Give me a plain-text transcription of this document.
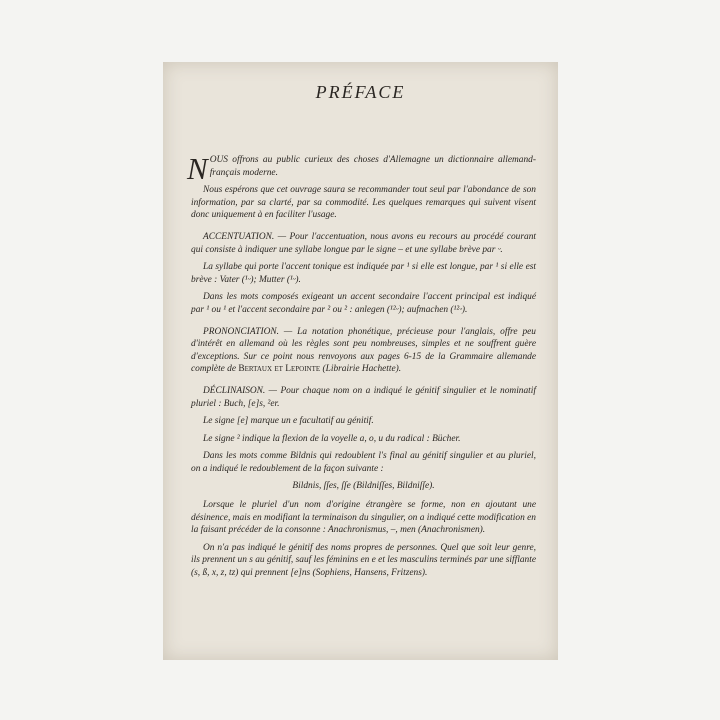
PRÉFACE

NOUS offrons au public curieux des choses d'Allemagne un dictionnaire allemand-français moderne.

Nous espérons que cet ouvrage saura se recommander tout seul par l'abondance de son information, par sa clarté, par sa commodité. Les quelques remarques qui suivent visent donc uniquement à en faciliter l'usage.

ACCENTUATION. — Pour l'accentuation, nous avons eu recours au procédé courant qui consiste à indiquer une syllabe longue par le signe – et une syllabe brève par ᵕ.

La syllabe qui porte l'accent tonique est indiquée par ¹ si elle est longue, par ¹ si elle est brève : Vater (¹ᵕ); Mutter (¹ᵕ).

Dans les mots composés exigeant un accent secondaire l'accent principal est indiqué par ¹ ou ¹ et l'accent secondaire par ² ou ² : anlegen (¹²ᵕ); aufmachen (¹²ᵕ).

PRONONCIATION. — La notation phonétique, précieuse pour l'anglais, offre peu d'intérêt en allemand où les règles sont peu nombreuses, simples et ne souffrent guère d'exceptions. Sur ce point nous renvoyons aux pages 6-15 de la Grammaire allemande complète de Bertaux et Lepointe (Librairie Hachette).

DÉCLINAISON. — Pour chaque nom on a indiqué le génitif singulier et le nominatif pluriel : Buch, [e]s, ²er.

Le signe [e] marque un e facultatif au génitif.

Le signe ² indique la flexion de la voyelle a, o, u du radical : Bücher.

Dans les mots comme Bildnis qui redoublent l's final au génitif singulier et au pluriel, on a indiqué le redoublement de la façon suivante :

Bildnis, ſſes, ſſe (Bildniſſes, Bildniſſe).

Lorsque le pluriel d'un nom d'origine étrangère se forme, non en ajoutant une désinence, mais en modifiant la terminaison du singulier, on a indiqué cette modification en la faisant précéder de la consonne : Anachronismus, –, men (Anachronismen).

On n'a pas indiqué le génitif des noms propres de personnes. Quel que soit leur genre, ils prennent un s au génitif, sauf les féminins en e et les masculins terminés par une sifflante (s, ß, x, z, tz) qui prennent [e]ns (Sophiens, Hansens, Fritzens).
